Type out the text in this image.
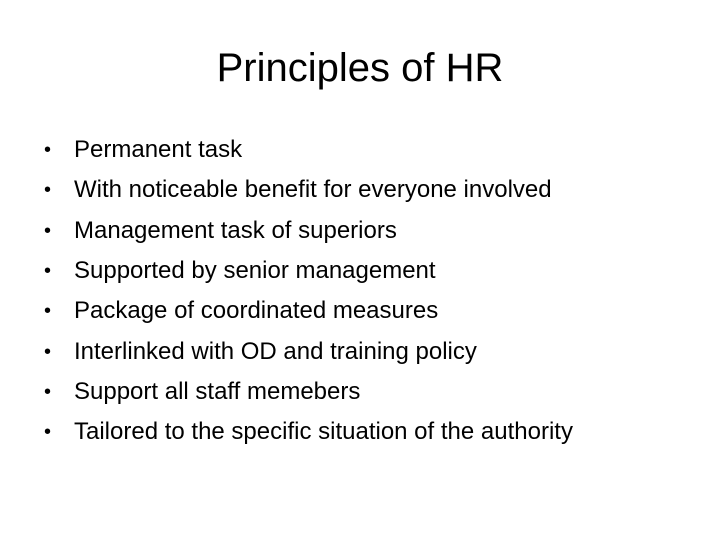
Principles of HR
• Permanent task
• With noticeable benefit for everyone involved
• Management task of superiors
• Supported by senior management
• Package of coordinated measures
• Interlinked with OD and training policy
• Support all staff memebers
• Tailored to the specific situation of the authority
